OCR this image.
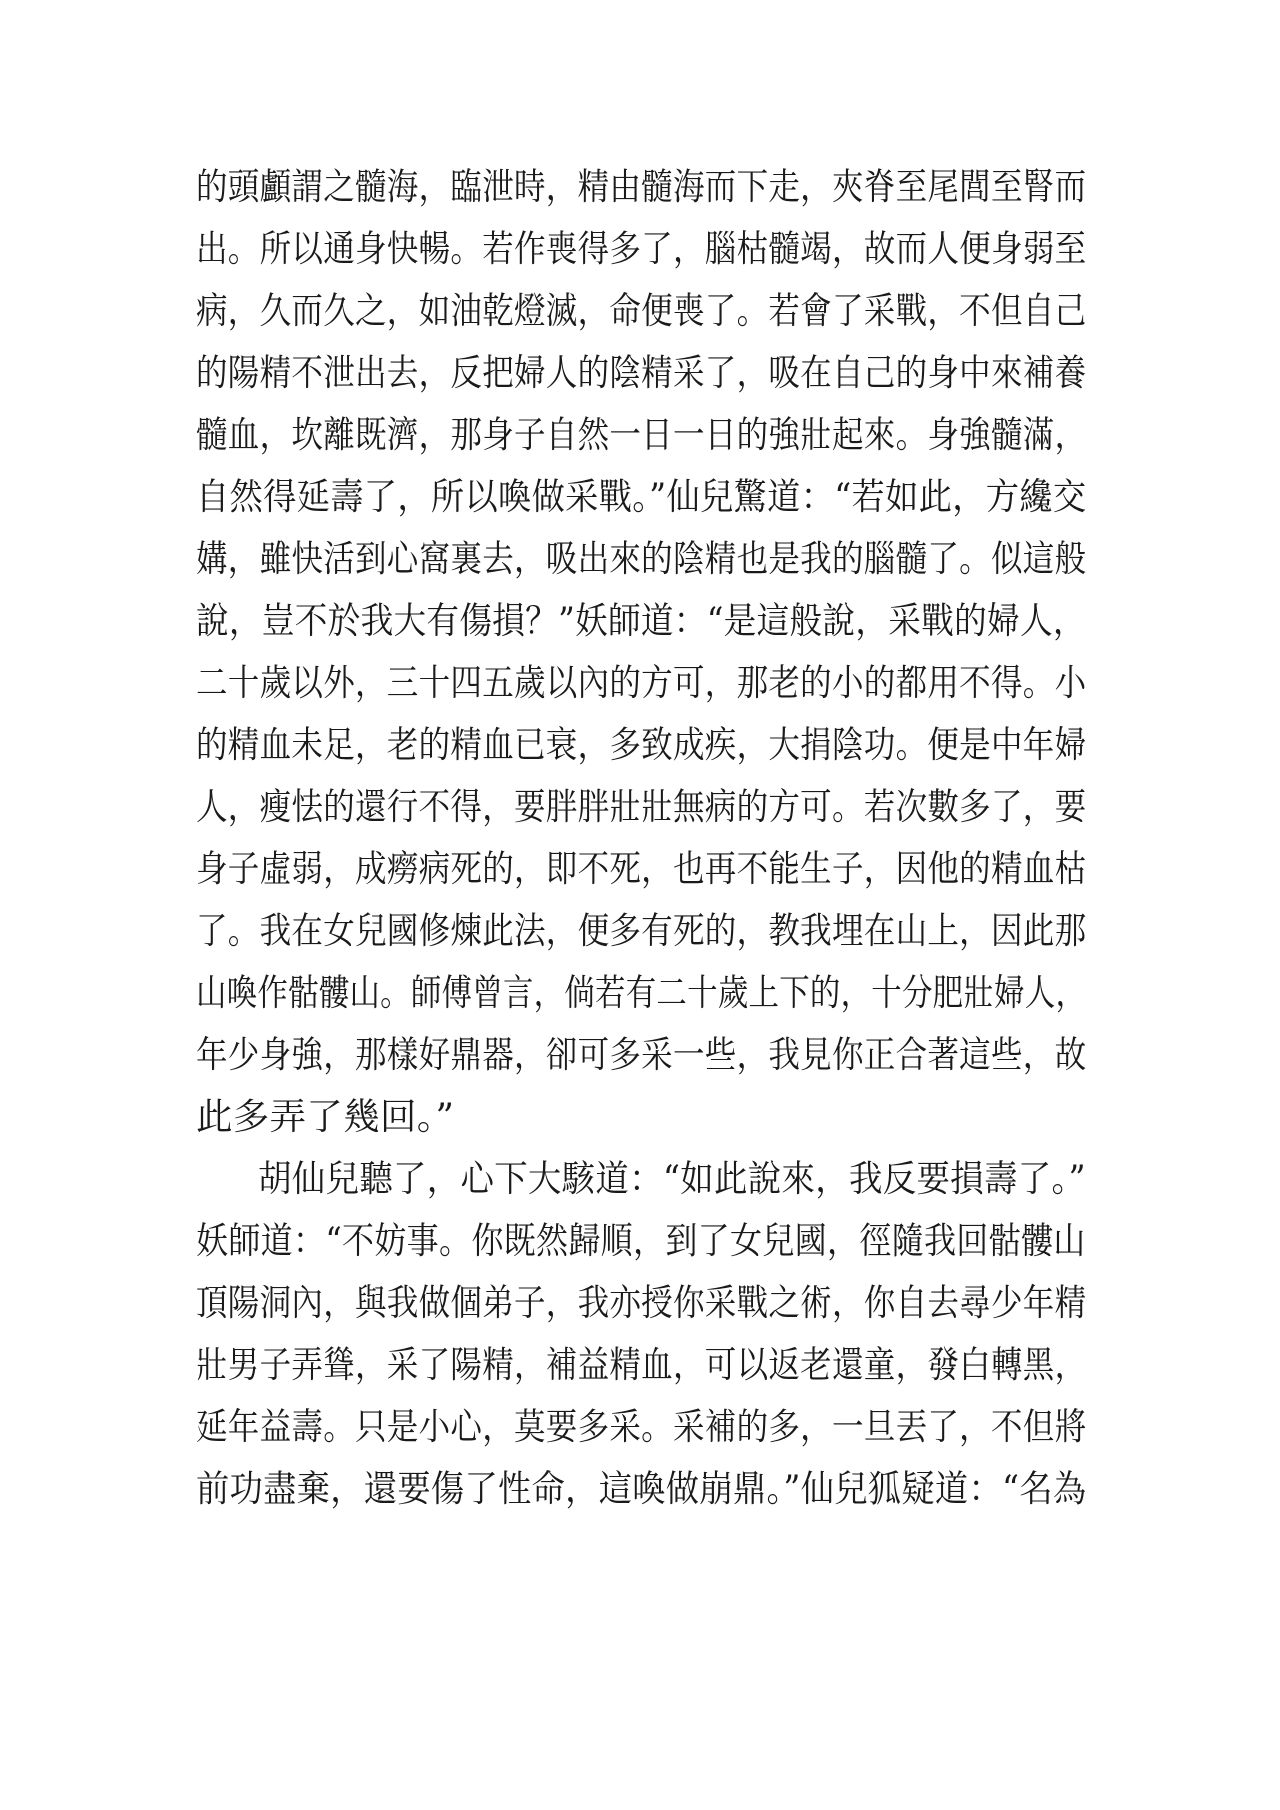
的頭顱謂之髓海，臨泄時，精由髓海而下走，夾脊至尾閭至腎而
出。所以通身快暢。若作喪得多了，腦枯髓竭，故而人便身弱至
病，久而久之，如油乾燈滅，命便喪了。若會了采戰，不但自己
的陽精不泄出去，反把婦人的陰精采了，吸在自己的身中來補養
髓血，坎離既濟，那身子自然一日一日的強壯起來。身強髓滿，
自然得延壽了，所以喚做采戰。”仙兒驚道：“若如此，方纔交
媾，雖快活到心窩裏去，吸出來的陰精也是我的腦髓了。似這般
說，豈不於我大有傷損？”妖師道：“是這般說，采戰的婦人，
二十歲以外，三十四五歲以內的方可，那老的小的都用不得。小
的精血未足，老的精血已衰，多致成疾，大捐陰功。便是中年婦
人，瘦怯的還行不得，要胖胖壯壯無病的方可。若次數多了，要
身子虛弱，成癆病死的，即不死，也再不能生子，因他的精血枯
了。我在女兒國修煉此法，便多有死的，教我埋在山上，因此那
山喚作骷髏山。師傅曾言，倘若有二十歲上下的，十分肥壯婦人，
年少身強，那樣好鼎器，卻可多采一些，我見你正合著這些，故
此多弄了幾回。”
胡仙兒聽了，心下大駭道：“如此說來，我反要損壽了。”
妖師道：“不妨事。你既然歸順，到了女兒國，徑隨我回骷髏山
頂陽洞內，與我做個弟子，我亦授你采戰之術，你自去尋少年精
壯男子弄聳，采了陽精，補益精血，可以返老還童，發白轉黑，
延年益壽。只是小心，莫要多采。采補的多，一旦丟了，不但將
前功盡棄，還要傷了性命，這喚做崩鼎。”仙兒狐疑道：“名為
